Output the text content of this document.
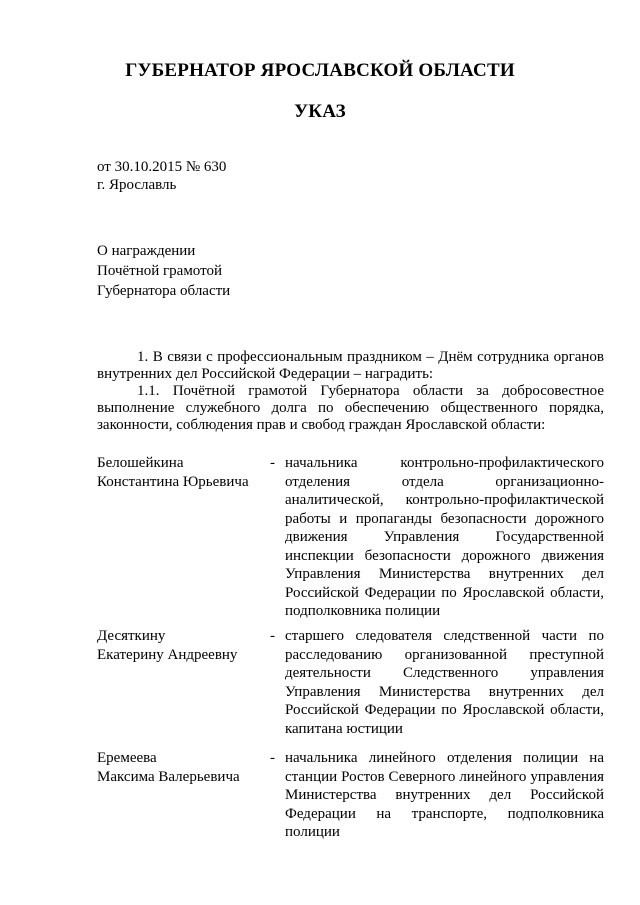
ГУБЕРНАТОР ЯРОСЛАВСКОЙ ОБЛАСТИ
УКАЗ
от 30.10.2015 № 630
г. Ярославль
О награждении
Почётной грамотой
Губернатора области

1. В связи с профессиональным праздником – Днём сотрудника органов внутренних дел Российской Федерации – наградить:

1.1. Почётной грамотой Губернатора области за добросовестное выполнение служебного долга по обеспечению общественного порядка, законности, соблюдения прав и свобод граждан Ярославской области:

Белошейкина
Константина Юрьевича
- начальника контрольно-профилактического отделения отдела организационно-аналитической, контрольно-профилактической работы и пропаганды безопасности дорожного движения Управления Государственной инспекции безопасности дорожного движения Управления Министерства внутренних дел Российской Федерации по Ярославской области, подполковника полиции
Десяткину
Екатерину Андреевну
- старшего следователя следственной части по расследованию организованной преступной деятельности Следственного управления Управления Министерства внутренних дел Российской Федерации по Ярославской области, капитана юстиции
Еремеева
Максима Валерьевича
- начальника линейного отделения полиции на станции Ростов Северного линейного управления Министерства внутренних дел Российской Федерации на транспорте, подполковника полиции
